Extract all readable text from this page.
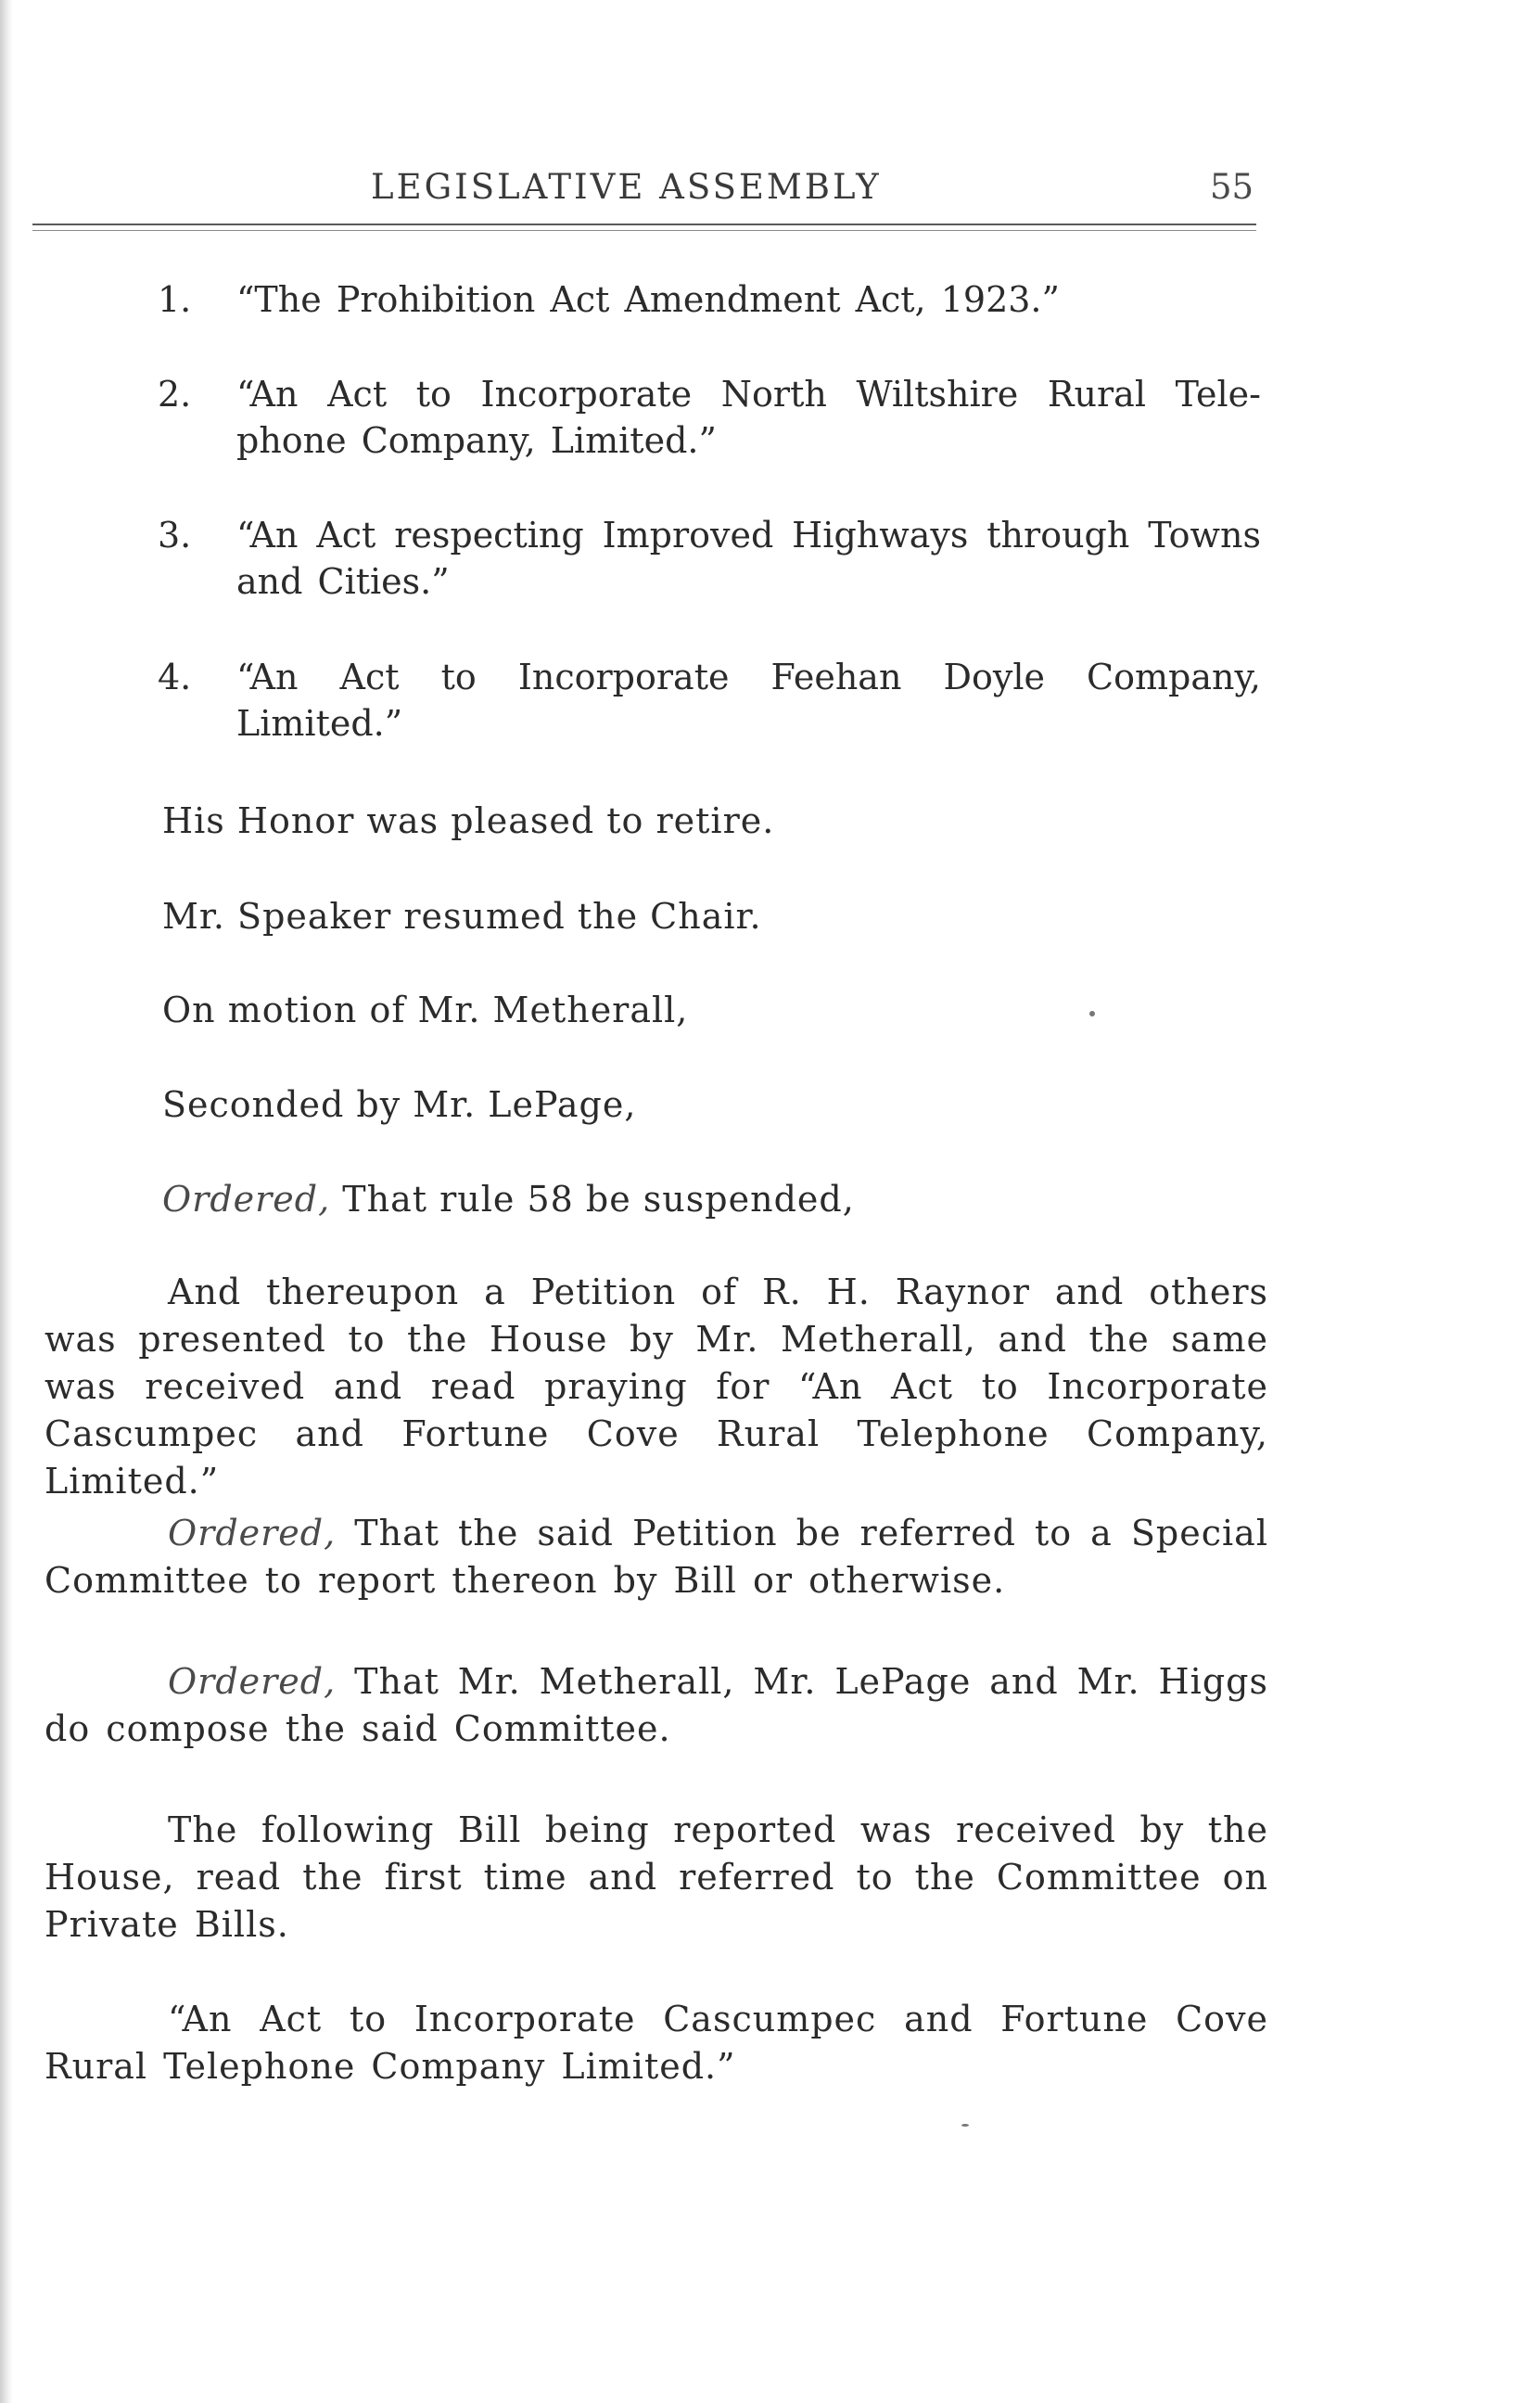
LEGISLATIVE ASSEMBLY	55
1. “The Prohibition Act Amendment Act, 1923.”
2. “An Act to Incorporate North Wiltshire Rural Tele-phone Company, Limited.”
3. “An Act respecting Improved Highways through Towns and Cities.”
4. “An Act to Incorporate Feehan Doyle Company, Limited.”
His Honor was pleased to retire.
Mr. Speaker resumed the Chair.
On motion of Mr. Metherall,
Seconded by Mr. LePage,
Ordered, That rule 58 be suspended,
And thereupon a Petition of R. H. Raynor and others was presented to the House by Mr. Metherall, and the same was received and read praying for “An Act to Incorporate Cascumpec and Fortune Cove Rural Telephone Company, Limited.”
Ordered, That the said Petition be referred to a Special Committee to report thereon by Bill or otherwise.
Ordered, That Mr. Metherall, Mr. LePage and Mr. Higgs do compose the said Committee.
The following Bill being reported was received by the House, read the first time and referred to the Committee on Private Bills.
“An Act to Incorporate Cascumpec and Fortune Cove Rural Telephone Company Limited.”
